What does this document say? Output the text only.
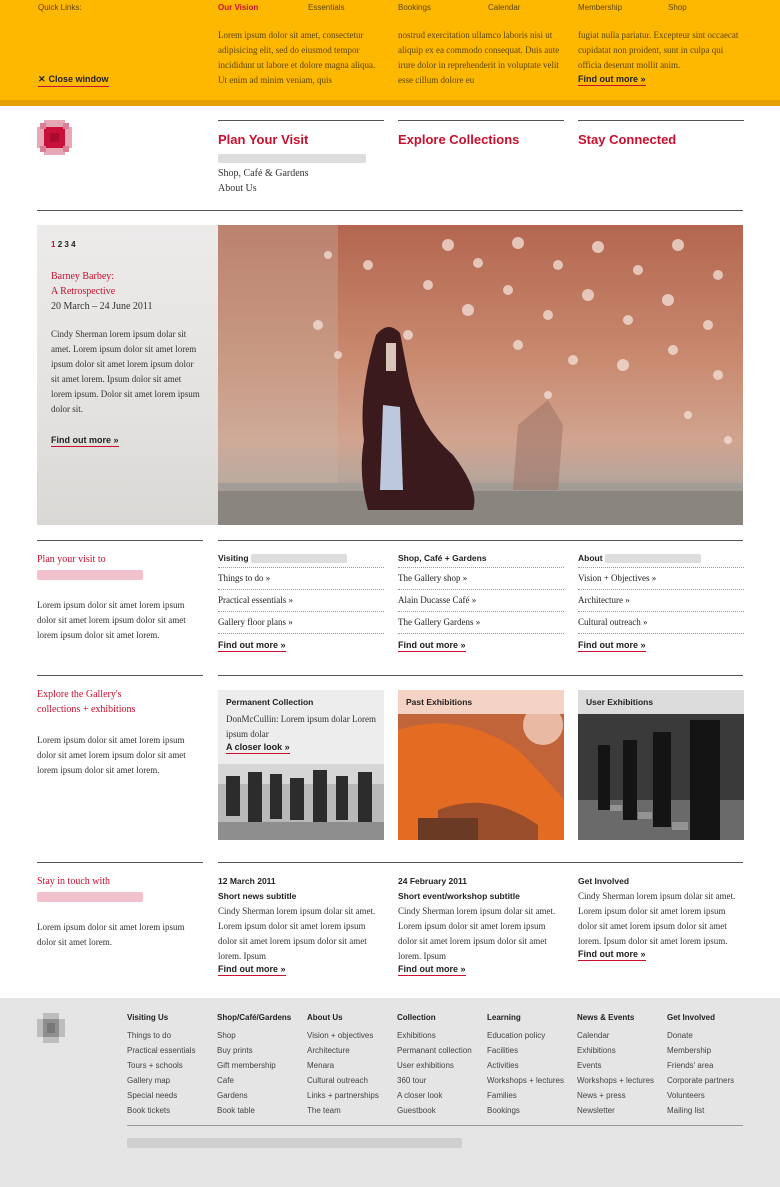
Quick Links:	Our Vision	Essentials	Bookings	Calendar	Membership	Shop
Lorem ipsum dolor sit amet, consectetur adipisicing elit, sed do eiusmod tempor incididunt ut labore et dolore magna aliqua. Ut enim ad minim veniam, quis
nostrud exercitation ullamco laboris nisi ut aliquip ex ea commodo consequat. Duis aute irure dolor in reprehenderit in voluptate velit esse cillum dolore eu
fugiat nulla pariatur. Excepteur sint occaecat cupidatat non proident, sunt in culpa qui officia deserunt mollit anim.
Find out more »
✕ Close window
Plan Your Visit
Shop, Café & Gardens
About Us
Explore Collections	Stay Connected
1 2 3 4
Barney Barbey:
A Retrospective
20 March – 24 June 2011
Cindy Sherman lorem ipsum dolar sit amet. Lorem ipsum dolor sit amet lorem ipsum dolor sit amet lorem ipsum dolor sit amet lorem. Ipsum dolor sit amet lorem ipsum. Dolor sit amet lorem ipsum dolor sit.
Find out more »
Plan your visit to
Lorem ipsum dolor sit amet lorem ipsum dolor sit amet lorem ipsum dolor sit amet lorem ipsum dolor sit amet lorem.
Visiting
Things to do »
Practical essentials »
Gallery floor plans »
Find out more »
Shop, Café + Gardens
The Gallery shop »
Alain Ducasse Café »
The Gallery Gardens »
Find out more »
About
Vision + Objectives »
Architecture »
Cultural outreach »
Find out more »
Explore the Gallery's
collections + exhibitions
Lorem ipsum dolor sit amet lorem ipsum dolor sit amet lorem ipsum dolor sit amet lorem ipsum dolor sit amet lorem.
Permanent Collection
DonMcCullin: Lorem ipsum dolar Lorem ipsum dolar
A closer look »
Past Exhibitions	User Exhibitions
Stay in touch with
Lorem ipsum dolor sit amet lorem ipsum dolor sit amet lorem.
12 March 2011
Short news subtitle
Cindy Sherman lorem ipsum dolar sit amet. Lorem ipsum dolor sit amet lorem ipsum dolor sit amet lorem ipsum dolor sit amet lorem. Ipsum
Find out more »
24 February 2011
Short event/workshop subtitle
Cindy Sherman lorem ipsum dolar sit amet. Lorem ipsum dolor sit amet lorem ipsum dolor sit amet lorem ipsum dolor sit amet lorem. Ipsum
Find out more »
Get Involved
Cindy Sherman lorem ipsum dolar sit amet. Lorem ipsum dolor sit amet lorem ipsum dolor sit amet lorem ipsum dolor sit amet lorem. Ipsum dolor sit amet lorem ipsum.
Find out more »
Visiting Us
Things to do
Practical essentials
Tours + schools
Gallery map
Special needs
Book tickets
Shop/Café/Gardens
Shop
Buy prints
Gift membership
Cafe
Gardens
Book table
About Us
Vision + objectives
Architecture
Menara
Cultural outreach
Links + partnerships
The team
Collection
Exhibitions
Permanant collection
User exhibitions
360 tour
A closer look
Guestbook
Learning
Education policy
Facilities
Activities
Workshops + lectures
Families
Bookings
News & Events
Calendar
Exhibitions
Events
Workshops + lectures
News + press
Newsletter
Get Involved
Donate
Membership
Friends' area
Corporate partners
Volunteers
Mailing list
